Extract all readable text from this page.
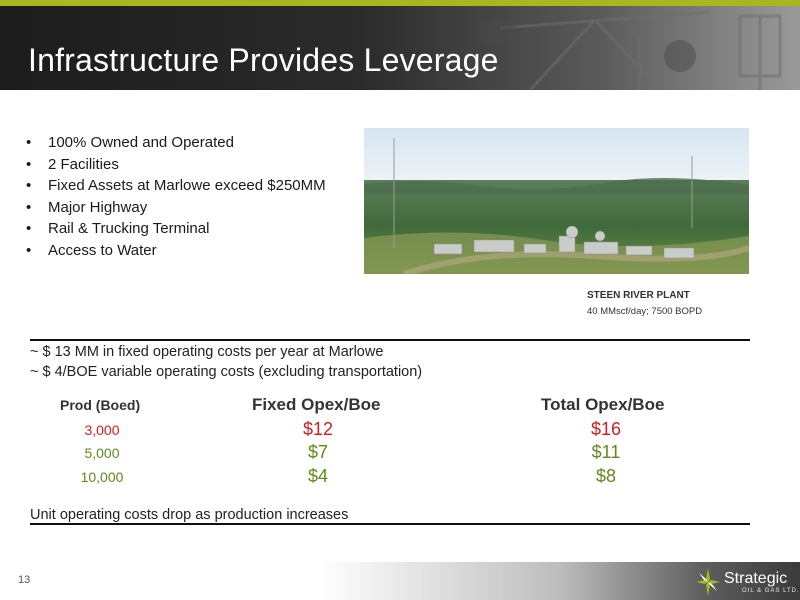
Infrastructure Provides Leverage
• 100% Owned and Operated
• 2 Facilities
• Fixed Assets at Marlowe exceed $250MM
• Major Highway
• Rail & Trucking Terminal
• Access to Water
STEEN RIVER PLANT
40 MMscf/day; 7500 BOPD
~ $ 13 MM in fixed operating costs per year at Marlowe
~ $ 4/BOE variable operating costs (excluding transportation)
Prod (Boed)	Fixed Opex/Boe	Total Opex/Boe
3,000	$12	$16
5,000	$7	$11
10,000	$4	$8
Unit operating costs drop as production increases
13	Strategic
OIL & GAS LTD.
